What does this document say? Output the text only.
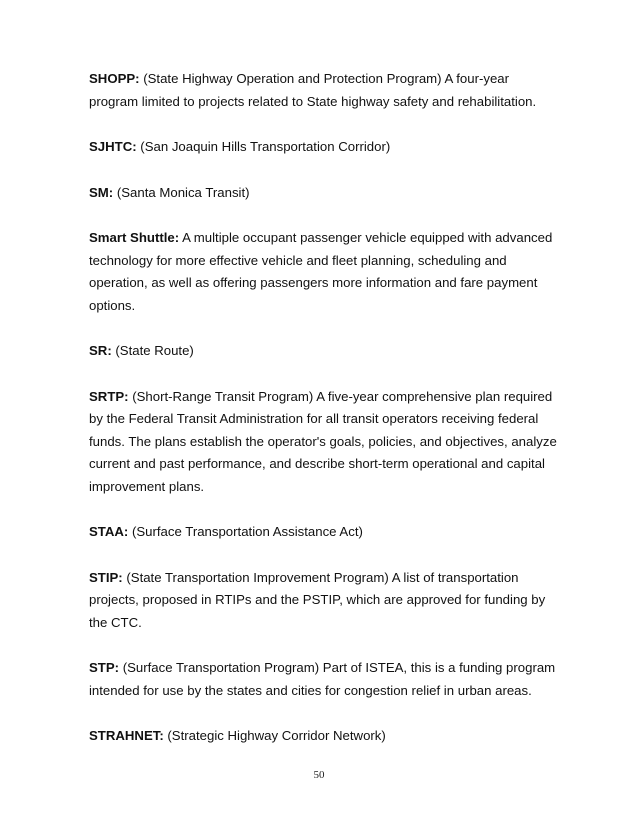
SHOPP: (State Highway Operation and Protection Program) A four-year program limited to projects related to State highway safety and rehabilitation.

SJHTC: (San Joaquin Hills Transportation Corridor)

SM: (Santa Monica Transit)

Smart Shuttle: A multiple occupant passenger vehicle equipped with advanced technology for more effective vehicle and fleet planning, scheduling and operation, as well as offering passengers more information and fare payment options.

SR: (State Route)

SRTP: (Short-Range Transit Program) A five-year comprehensive plan required by the Federal Transit Administration for all transit operators receiving federal funds. The plans establish the operator's goals, policies, and objectives, analyze current and past performance, and describe short-term operational and capital improvement plans.

STAA: (Surface Transportation Assistance Act)

STIP: (State Transportation Improvement Program) A list of transportation projects, proposed in RTIPs and the PSTIP, which are approved for funding by the CTC.

STP: (Surface Transportation Program) Part of ISTEA, this is a funding program intended for use by the states and cities for congestion relief in urban areas.

STRAHNET: (Strategic Highway Corridor Network)

50
